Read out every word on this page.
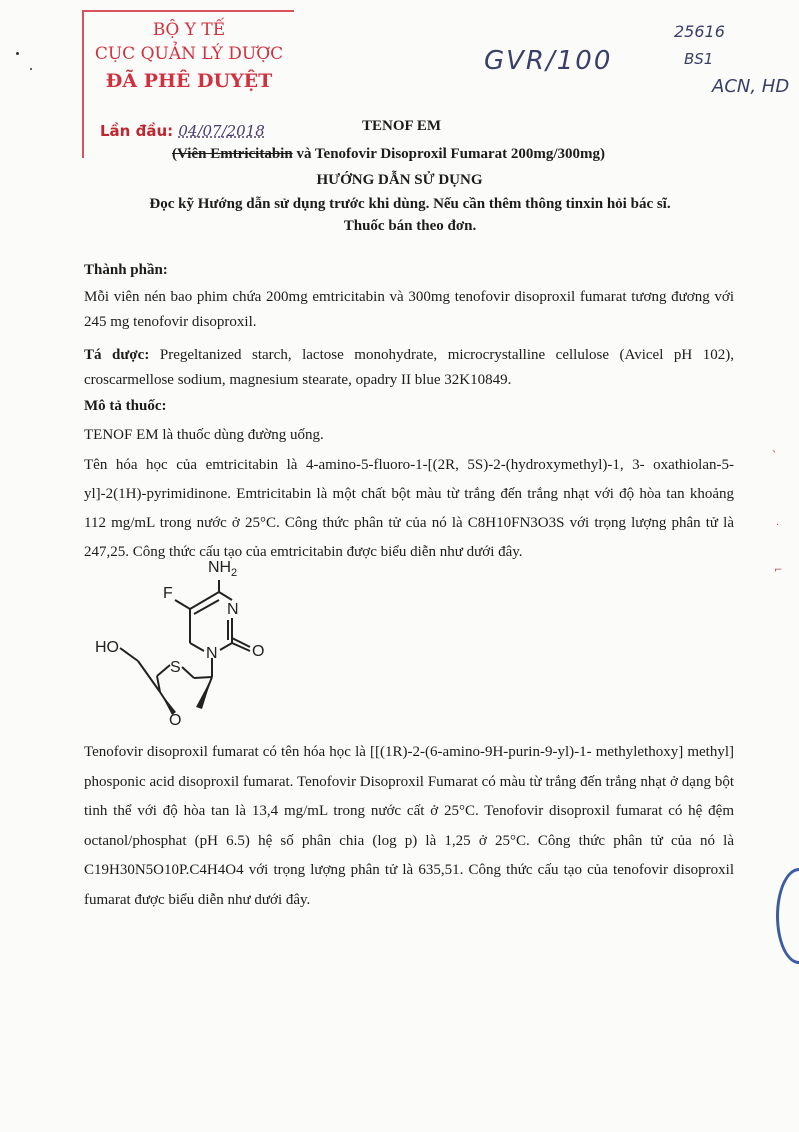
BỘ Y TẾ
CỤC QUẢN LÝ DƯỢC
ĐÃ PHÊ DUYỆT
Lần đầu: 04/07/2018
GVR/100
25616
BS1
ACN, HD
TENOF EM
(Viên Emtricitabin và Tenofovir Disoproxil Fumarat 200mg/300mg)
HƯỚNG DẪN SỬ DỤNG
Đọc kỹ Hướng dẫn sử dụng trước khi dùng. Nếu cần thêm thông tinxin hỏi bác sĩ. Thuốc bán theo đơn.
Thành phần:
Mỗi viên nén bao phim chứa 200mg emtricitabin và 300mg tenofovir disoproxil fumarat tương đương với 245 mg tenofovir disoproxil.
Tá dược: Pregeltanized starch, lactose monohydrate, microcrystalline cellulose (Avicel pH 102), croscarmellose sodium, magnesium stearate, opadry II blue 32K10849.
Mô tả thuốc:
TENOF EM là thuốc dùng đường uống.
Tên hóa học của emtricitabin là 4-amino-5-fluoro-1-[(2R, 5S)-2-(hydroxymethyl)-1, 3- oxathiolan-5-yl]-2(1H)-pyrimidinone. Emtricitabin là một chất bột màu từ trắng đến trắng nhạt với độ hòa tan khoảng 112 mg/mL trong nước ở 25°C. Công thức phân tử của nó là C8H10FN3O3S với trọng lượng phân tử là 247,25. Công thức cấu tạo của emtricitabin được biểu diễn như dưới đây.
NH 2
F
N
N O
HO
S
O
Tenofovir disoproxil fumarat có tên hóa học là [[(1R)-2-(6-amino-9H-purin-9-yl)-1- methylethoxy] methyl] phosponic acid disoproxil fumarat. Tenofovir Disoproxil Fumarat có màu từ trắng đến trắng nhạt ở dạng bột tinh thể với độ hòa tan là 13,4 mg/mL trong nước cất ở 25°C. Tenofovir disoproxil fumarat có hệ đệm octanol/phosphat (pH 6.5) hệ số phân chia (log p) là 1,25 ở 25°C. Công thức phân tử của nó là C19H30N5O10P.C4H4O4 với trọng lượng phân tử là 635,51. Công thức cấu tạo của tenofovir disoproxil fumarat được biểu diễn như dưới đây.
、
·
⌐
